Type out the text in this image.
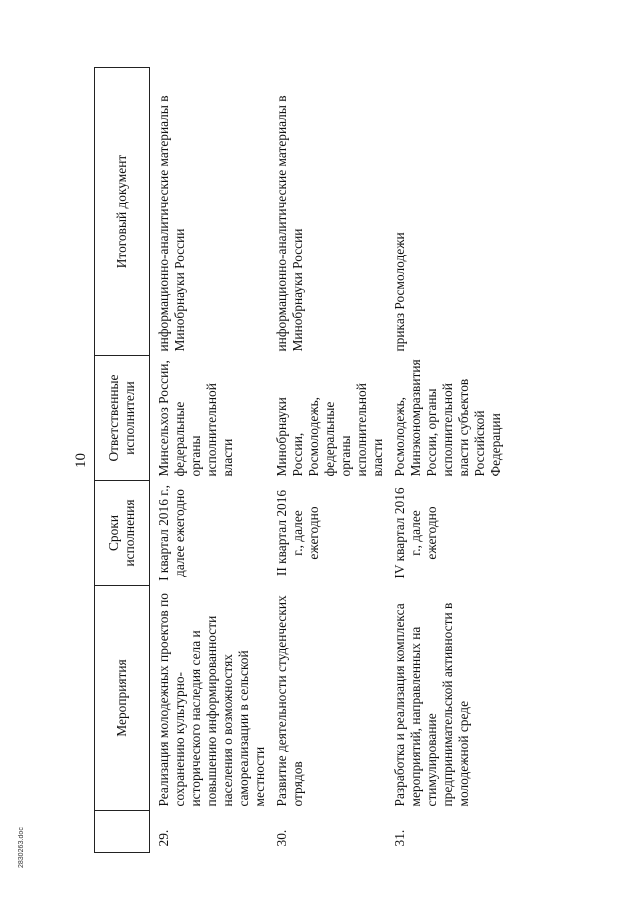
10
	Мероприятия	Сроки исполнения	Ответственные исполнители	Итоговый документ
29.	Реализация молодежных проектов по сохранению культурно-исторического наследия села и повышению информированности населения о возможностях самореализации в сельской местности	I квартал 2016 г., далее ежегодно	Минсельхоз России, федеральные органы исполнительной власти	информационно-аналитические материалы в Минобрнауки России
30.	Развитие деятельности студенческих отрядов	II квартал 2016 г., далее ежегодно	Минобрнауки России, Росмолодежь, федеральные органы исполнительной власти	информационно-аналитические материалы в Минобрнауки России
31.	Разработка и реализация комплекса мероприятий, направленных на стимулирование предпринимательской активности в молодежной среде	IV квартал 2016 г., далее ежегодно	Росмолодежь, Минэкономразвития России, органы исполнительной власти субъектов Российской Федерации	приказ Росмолодежи
283026З.doc
